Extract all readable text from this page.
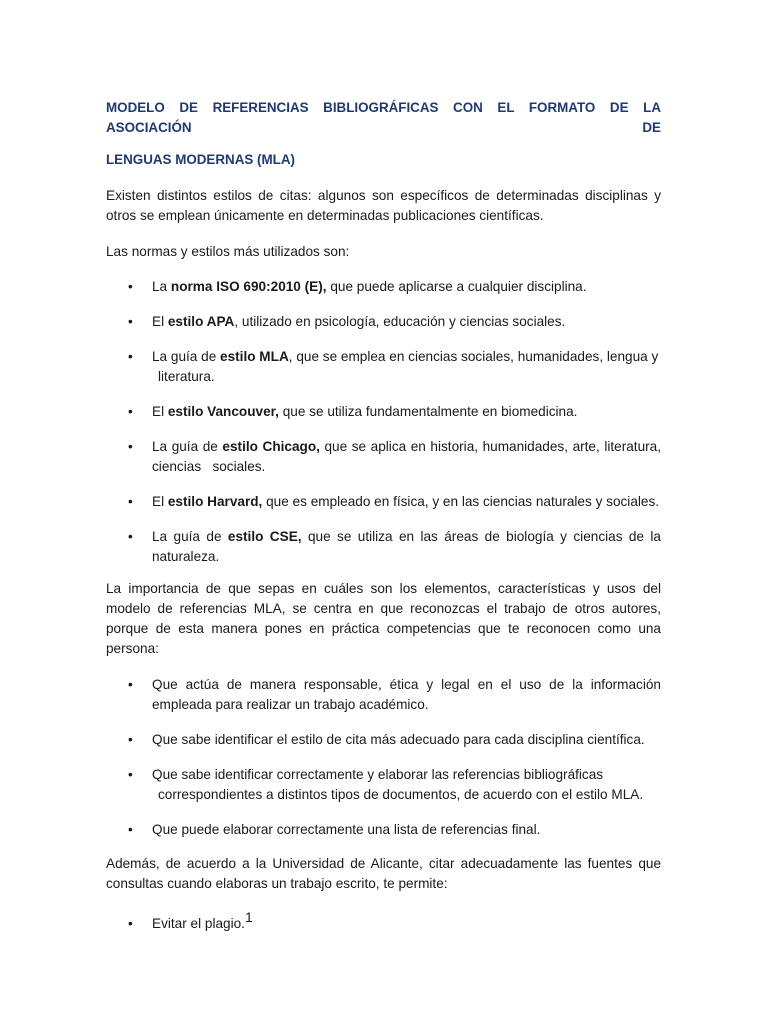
MODELO DE REFERENCIAS BIBLIOGRÁFICAS CON EL FORMATO DE LA ASOCIACIÓN DE
LENGUAS MODERNAS (MLA)

Existen distintos estilos de citas: algunos son específicos de determinadas disciplinas y otros se emplean únicamente en determinadas publicaciones científicas.

Las normas y estilos más utilizados son:

• La norma ISO 690:2010 (E), que puede aplicarse a cualquier disciplina.
• El estilo APA, utilizado en psicología, educación y ciencias sociales.
• La guía de estilo MLA, que se emplea en ciencias sociales, humanidades, lengua y
literatura.
• El estilo Vancouver, que se utiliza fundamentalmente en biomedicina.
• La guía de estilo Chicago, que se aplica en historia, humanidades, arte, literatura, ciencias   sociales.
• El estilo Harvard, que es empleado en física, y en las ciencias naturales y sociales.
• La guía de estilo CSE, que se utiliza en las áreas de biología y ciencias de la naturaleza.

La importancia de que sepas en cuáles son los elementos, características y usos del modelo de referencias MLA, se centra en que reconozcas el trabajo de otros autores, porque de esta manera pones en práctica competencias que te reconocen como una persona:

• Que actúa de manera responsable, ética y legal en el uso de la información empleada para realizar un trabajo académico.
• Que sabe identificar el estilo de cita más adecuado para cada disciplina científica.
• Que sabe identificar correctamente y elaborar las referencias bibliográficas
correspondientes a distintos tipos de documentos, de acuerdo con el estilo MLA.
• Que puede elaborar correctamente una lista de referencias final.

Además, de acuerdo a la Universidad de Alicante, citar adecuadamente las fuentes que consultas cuando elaboras un trabajo escrito, te permite:

• Evitar el plagio.$^1$
